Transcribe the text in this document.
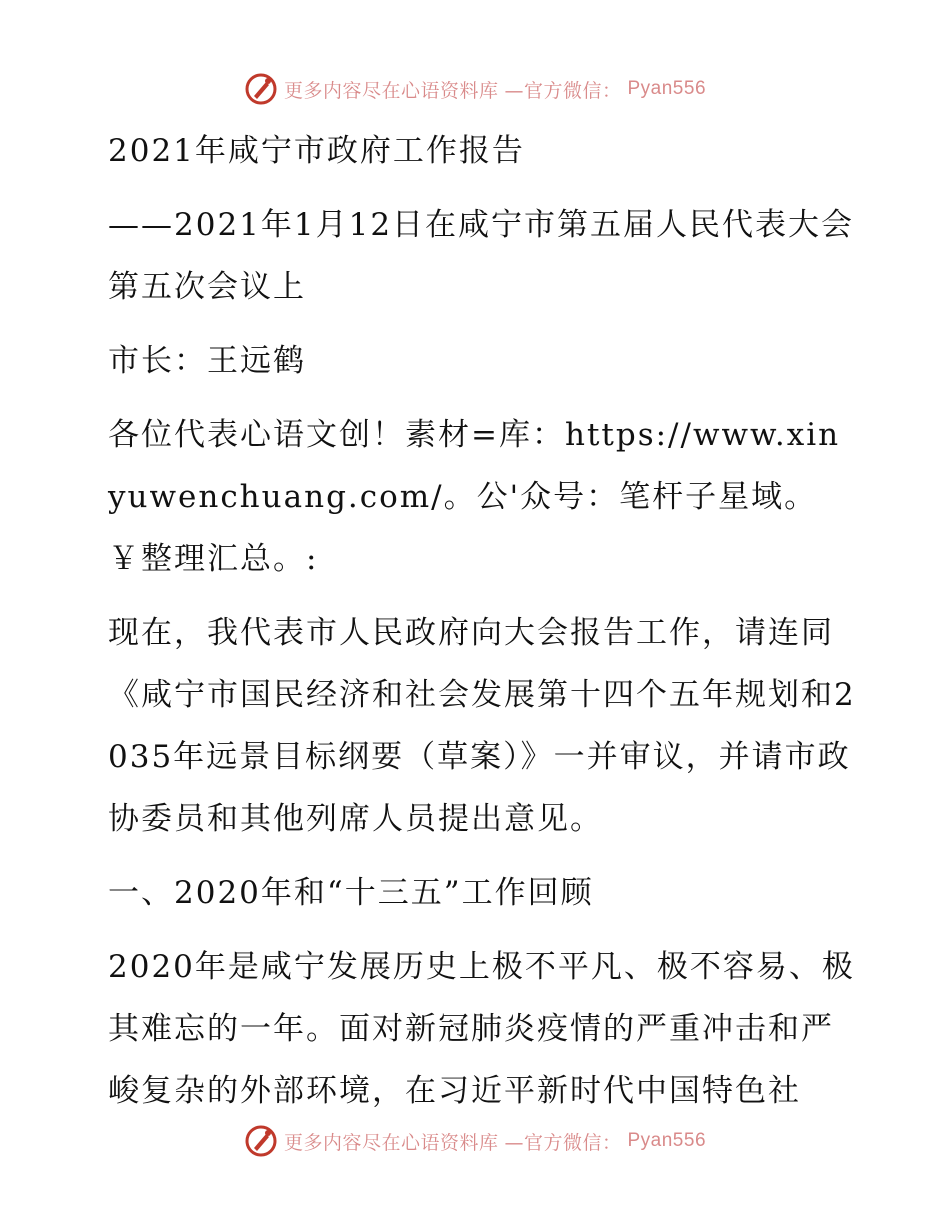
更多内容尽在心语资料库 —官方微信： Pyan556

2021年咸宁市政府工作报告

——2021年1月12日在咸宁市第五届人民代表大会第五次会议上

市长：王远鹤

各位代表心语文创！素材=库：https://www.xinyuwenchuang.com/。公'众号：笔杆子星域。￥整理汇总。:

现在，我代表市人民政府向大会报告工作，请连同《咸宁市国民经济和社会发展第十四个五年规划和2035年远景目标纲要（草案）》一并审议，并请市政协委员和其他列席人员提出意见。

一、2020年和“十三五”工作回顾

2020年是咸宁发展历史上极不平凡、极不容易、极其难忘的一年。面对新冠肺炎疫情的严重冲击和严峻复杂的外部环境，在习近平新时代中国特色社

更多内容尽在心语资料库 —官方微信： Pyan556
